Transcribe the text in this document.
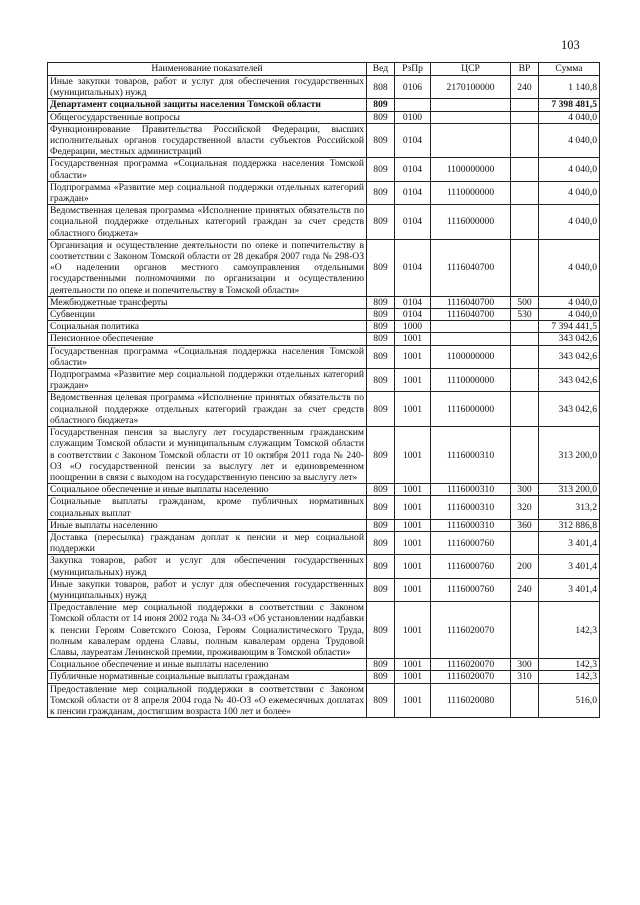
103
Наименование показателей	Вед	РзПр	ЦСР	ВР	Сумма
Иные закупки товаров, работ и услуг для обеспечения государственных (муниципальных) нужд	808	0106	2170100000	240	1 140,8
Департамент социальной защиты населения Томской области	809				7 398 481,5
Общегосударственные вопросы	809	0100			4 040,0
Функционирование Правительства Российской Федерации, высших исполнительных органов государственной власти субъектов Российской Федерации, местных администраций	809	0104			4 040,0
Государственная программа «Социальная поддержка населения Томской области»	809	0104	1100000000		4 040,0
Подпрограмма «Развитие мер социальной поддержки отдельных категорий граждан»	809	0104	1110000000		4 040,0
Ведомственная целевая программа «Исполнение принятых обязательств по социальной поддержке отдельных категорий граждан за счет средств областного бюджета»	809	0104	1116000000		4 040,0
Организация и осуществление деятельности по опеке и попечительству в соответствии с Законом Томской области от 28 декабря 2007 года № 298-ОЗ «О наделении органов местного самоуправления отдельными государственными полномочиями по организации и осуществлению деятельности по опеке и попечительству в Томской области»	809	0104	1116040700		4 040,0
Межбюджетные трансферты	809	0104	1116040700	500	4 040,0
Субвенции	809	0104	1116040700	530	4 040,0
Социальная политика	809	1000			7 394 441,5
Пенсионное обеспечение	809	1001			343 042,6
Государственная программа «Социальная поддержка населения Томской области»	809	1001	1100000000		343 042,6
Подпрограмма «Развитие мер социальной поддержки отдельных категорий граждан»	809	1001	1110000000		343 042,6
Ведомственная целевая программа «Исполнение принятых обязательств по социальной поддержке отдельных категорий граждан за счет средств областного бюджета»	809	1001	1116000000		343 042,6
Государственная пенсия за выслугу лет государственным гражданским служащим Томской области и муниципальным служащим Томской области в соответствии с Законом Томской области от 10 октября 2011 года № 240-ОЗ «О государственной пенсии за выслугу лет и единовременном поощрении в связи с выходом на государственную пенсию за выслугу лет»	809	1001	1116000310		313 200,0
Социальное обеспечение и иные выплаты населению	809	1001	1116000310	300	313 200,0
Социальные выплаты гражданам, кроме публичных нормативных социальных выплат	809	1001	1116000310	320	313,2
Иные выплаты населению	809	1001	1116000310	360	312 886,8
Доставка (пересылка) гражданам доплат к пенсии и мер социальной поддержки	809	1001	1116000760		3 401,4
Закупка товаров, работ и услуг для обеспечения государственных (муниципальных) нужд	809	1001	1116000760	200	3 401,4
Иные закупки товаров, работ и услуг для обеспечения государственных (муниципальных) нужд	809	1001	1116000760	240	3 401,4
Предоставление мер социальной поддержки в соответствии с Законом Томской области от 14 июня 2002 года № 34-ОЗ «Об установлении надбавки к пенсии Героям Советского Союза, Героям Социалистического Труда, полным кавалерам ордена Славы, полным кавалерам ордена Трудовой Славы, лауреатам Ленинской премии, проживающим в Томской области»	809	1001	1116020070		142,3
Социальное обеспечение и иные выплаты населению	809	1001	1116020070	300	142,3
Публичные нормативные социальные выплаты гражданам	809	1001	1116020070	310	142,3
Предоставление мер социальной поддержки в соответствии с Законом Томской области от 8 апреля 2004 года № 40-ОЗ «О ежемесячных доплатах к пенсии гражданам, достигшим возраста 100 лет и более»	809	1001	1116020080		516,0
